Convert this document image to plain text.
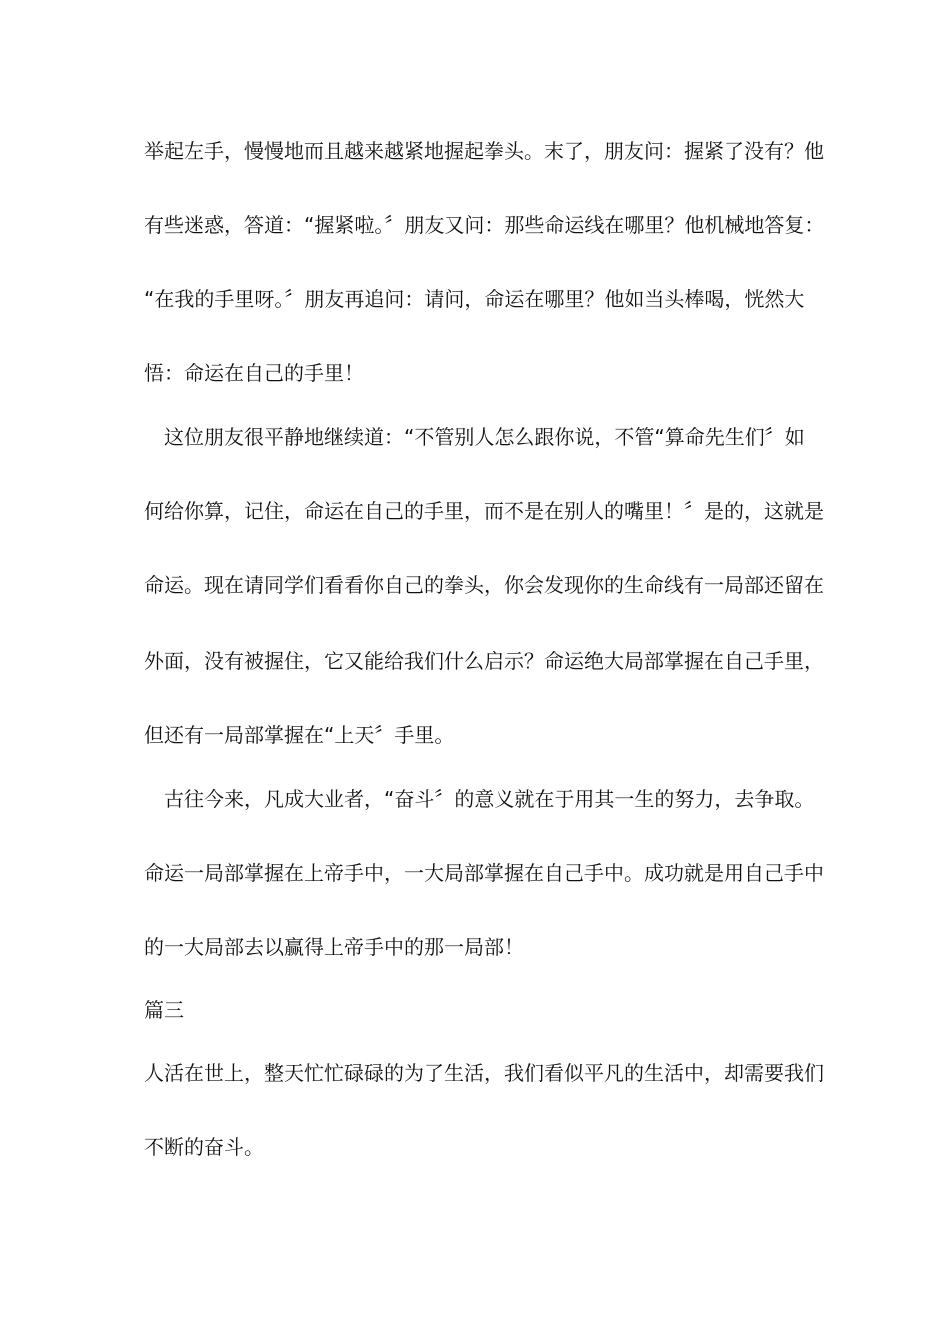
举起左手，慢慢地而且越来越紧地握起拳头。末了，朋友问：握紧了没有？他
有些迷惑，答道：“握紧啦。〞朋友又问：那些命运线在哪里？他机械地答复：
“在我的手里呀。〞朋友再追问：请问，命运在哪里？他如当头棒喝，恍然大
悟：命运在自己的手里！
　这位朋友很平静地继续道：“不管别人怎么跟你说，不管“算命先生们〞如
何给你算，记住，命运在自己的手里，而不是在别人的嘴里！〞是的，这就是
命运。现在请同学们看看你自己的拳头，你会发现你的生命线有一局部还留在
外面，没有被握住，它又能给我们什么启示？命运绝大局部掌握在自己手里，
但还有一局部掌握在“上天〞手里。
　古往今来，凡成大业者，“奋斗〞的意义就在于用其一生的努力，去争取。
命运一局部掌握在上帝手中，一大局部掌握在自己手中。成功就是用自己手中
的一大局部去以赢得上帝手中的那一局部！
篇三
人活在世上，整天忙忙碌碌的为了生活，我们看似平凡的生活中，却需要我们
不断的奋斗。
